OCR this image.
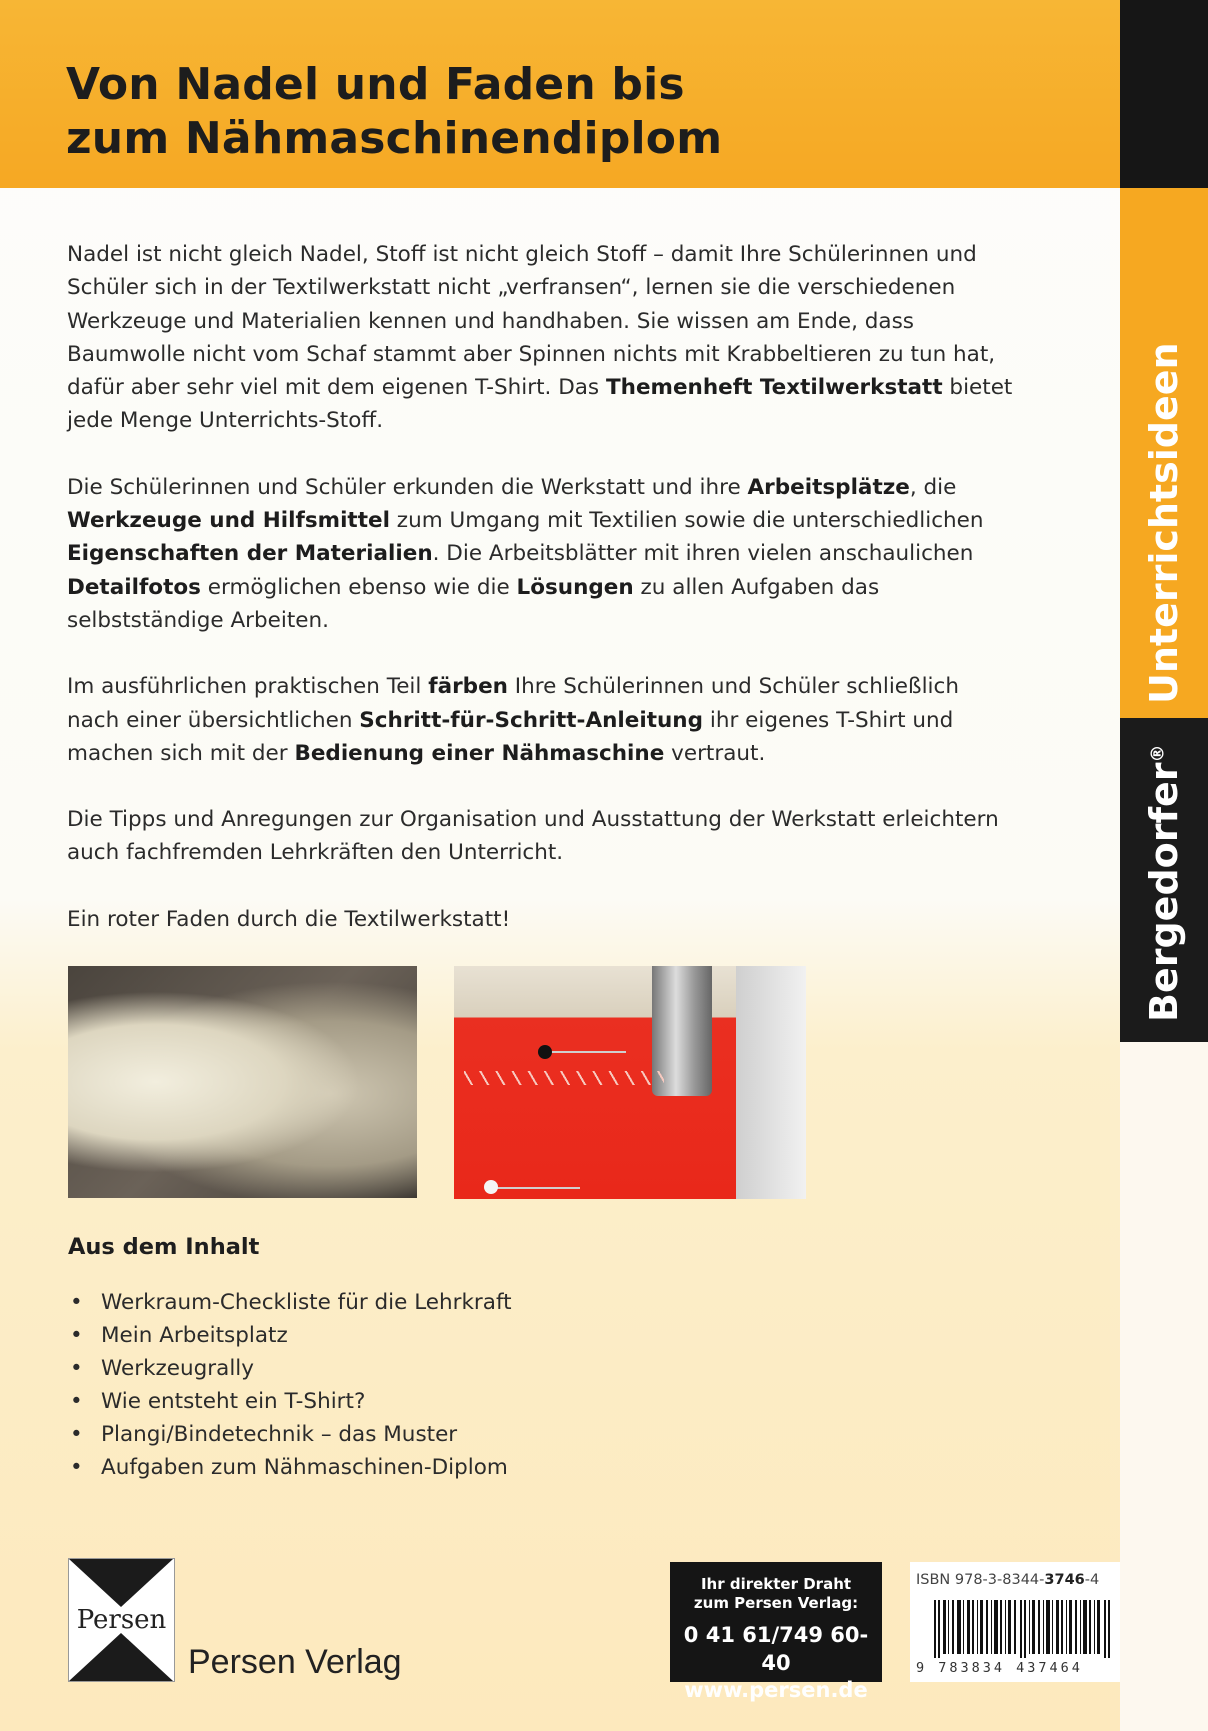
Von Nadel und Faden bis
zum Nähmaschinendiplom
Unterrichtsideen
Bergedorfer®

Nadel ist nicht gleich Nadel, Stoff ist nicht gleich Stoff – damit Ihre Schülerinnen und Schüler sich in der Textilwerkstatt nicht „verfransen“, lernen sie die verschiedenen Werkzeuge und Materialien kennen und handhaben. Sie wissen am Ende, dass Baumwolle nicht vom Schaf stammt aber Spinnen nichts mit Krabbeltieren zu tun hat, dafür aber sehr viel mit dem eigenen T-Shirt. Das Themenheft Textilwerkstatt bietet jede Menge Unterrichts-Stoff.

Die Schülerinnen und Schüler erkunden die Werkstatt und ihre Arbeitsplätze, die Werkzeuge und Hilfsmittel zum Umgang mit Textilien sowie die unterschiedlichen Eigenschaften der Materialien. Die Arbeitsblätter mit ihren vielen anschaulichen Detailfotos ermöglichen ebenso wie die Lösungen zu allen Aufgaben das selbstständige Arbeiten.

Im ausführlichen praktischen Teil färben Ihre Schülerinnen und Schüler schließlich nach einer übersichtlichen Schritt-für-Schritt-Anleitung ihr eigenes T-Shirt und machen sich mit der Bedienung einer Nähmaschine vertraut.

Die Tipps und Anregungen zur Organisation und Ausstattung der Werkstatt erleichtern auch fachfremden Lehrkräften den Unterricht.

Ein roter Faden durch die Textilwerkstatt!

Aus dem Inhalt
• Werkraum-Checkliste für die Lehrkraft
• Mein Arbeitsplatz
• Werkzeugrally
• Wie entsteht ein T-Shirt?
• Plangi/Bindetechnik – das Muster
• Aufgaben zum Nähmaschinen-Diplom
Persen
Persen Verlag
Ihr direkter Draht
zum Persen Verlag:
0 41 61/749 60-40
www.persen.de
ISBN 978-3-8344-3746-4
9 783834 437464
